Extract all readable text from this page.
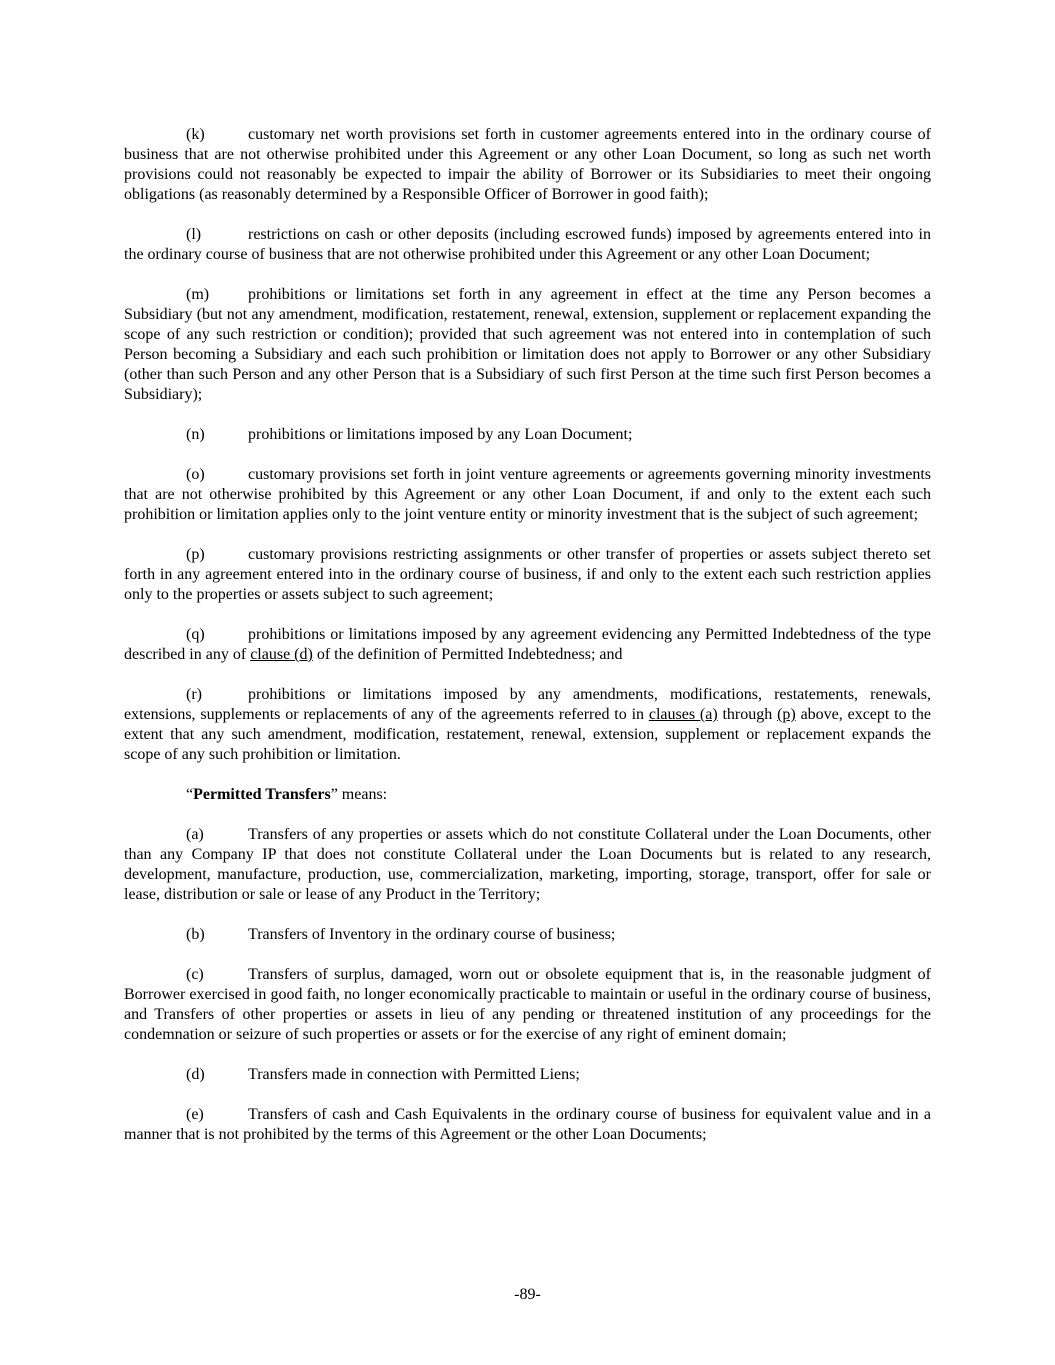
(k)	customary net worth provisions set forth in customer agreements entered into in the ordinary course of business that are not otherwise prohibited under this Agreement or any other Loan Document, so long as such net worth provisions could not reasonably be expected to impair the ability of Borrower or its Subsidiaries to meet their ongoing obligations (as reasonably determined by a Responsible Officer of Borrower in good faith);

(l)	restrictions on cash or other deposits (including escrowed funds) imposed by agreements entered into in the ordinary course of business that are not otherwise prohibited under this Agreement or any other Loan Document;

(m) prohibitions or limitations set forth in any agreement in effect at the time any Person becomes a Subsidiary (but not any amendment, modification, restatement, renewal, extension, supplement or replacement expanding the scope of any such restriction or condition); provided that such agreement was not entered into in contemplation of such Person becoming a Subsidiary and each such prohibition or limitation does not apply to Borrower or any other Subsidiary (other than such Person and any other Person that is a Subsidiary of such first Person at the time such first Person becomes a Subsidiary);

(n)	prohibitions or limitations imposed by any Loan Document;

(o)	customary provisions set forth in joint venture agreements or agreements governing minority investments that are not otherwise prohibited by this Agreement or any other Loan Document, if and only to the extent each such prohibition or limitation applies only to the joint venture entity or minority investment that is the subject of such agreement;

(p)	customary provisions restricting assignments or other transfer of properties or assets subject thereto set forth in any agreement entered into in the ordinary course of business, if and only to the extent each such restriction applies only to the properties or assets subject to such agreement;

(q)	prohibitions or limitations imposed by any agreement evidencing any Permitted Indebtedness of the type described in any of clause (d) of the definition of Permitted Indebtedness; and

(r)	prohibitions or limitations imposed by any amendments, modifications, restatements, renewals, extensions, supplements or replacements of any of the agreements referred to in clauses (a) through (p) above, except to the extent that any such amendment, modification, restatement, renewal, extension, supplement or replacement expands the scope of any such prohibition or limitation.

“Permitted Transfers” means:

(a)	Transfers of any properties or assets which do not constitute Collateral under the Loan Documents, other than any Company IP that does not constitute Collateral under the Loan Documents but is related to any research, development, manufacture, production, use, commercialization, marketing, importing, storage, transport, offer for sale or lease, distribution or sale or lease of any Product in the Territory;

(b)	Transfers of Inventory in the ordinary course of business;

(c)	Transfers of surplus, damaged, worn out or obsolete equipment that is, in the reasonable judgment of Borrower exercised in good faith, no longer economically practicable to maintain or useful in the ordinary course of business, and Transfers of other properties or assets in lieu of any pending or threatened institution of any proceedings for the condemnation or seizure of such properties or assets or for the exercise of any right of eminent domain;

(d)	Transfers made in connection with Permitted Liens;

(e)	Transfers of cash and Cash Equivalents in the ordinary course of business for equivalent value and in a manner that is not prohibited by the terms of this Agreement or the other Loan Documents;

-89-
